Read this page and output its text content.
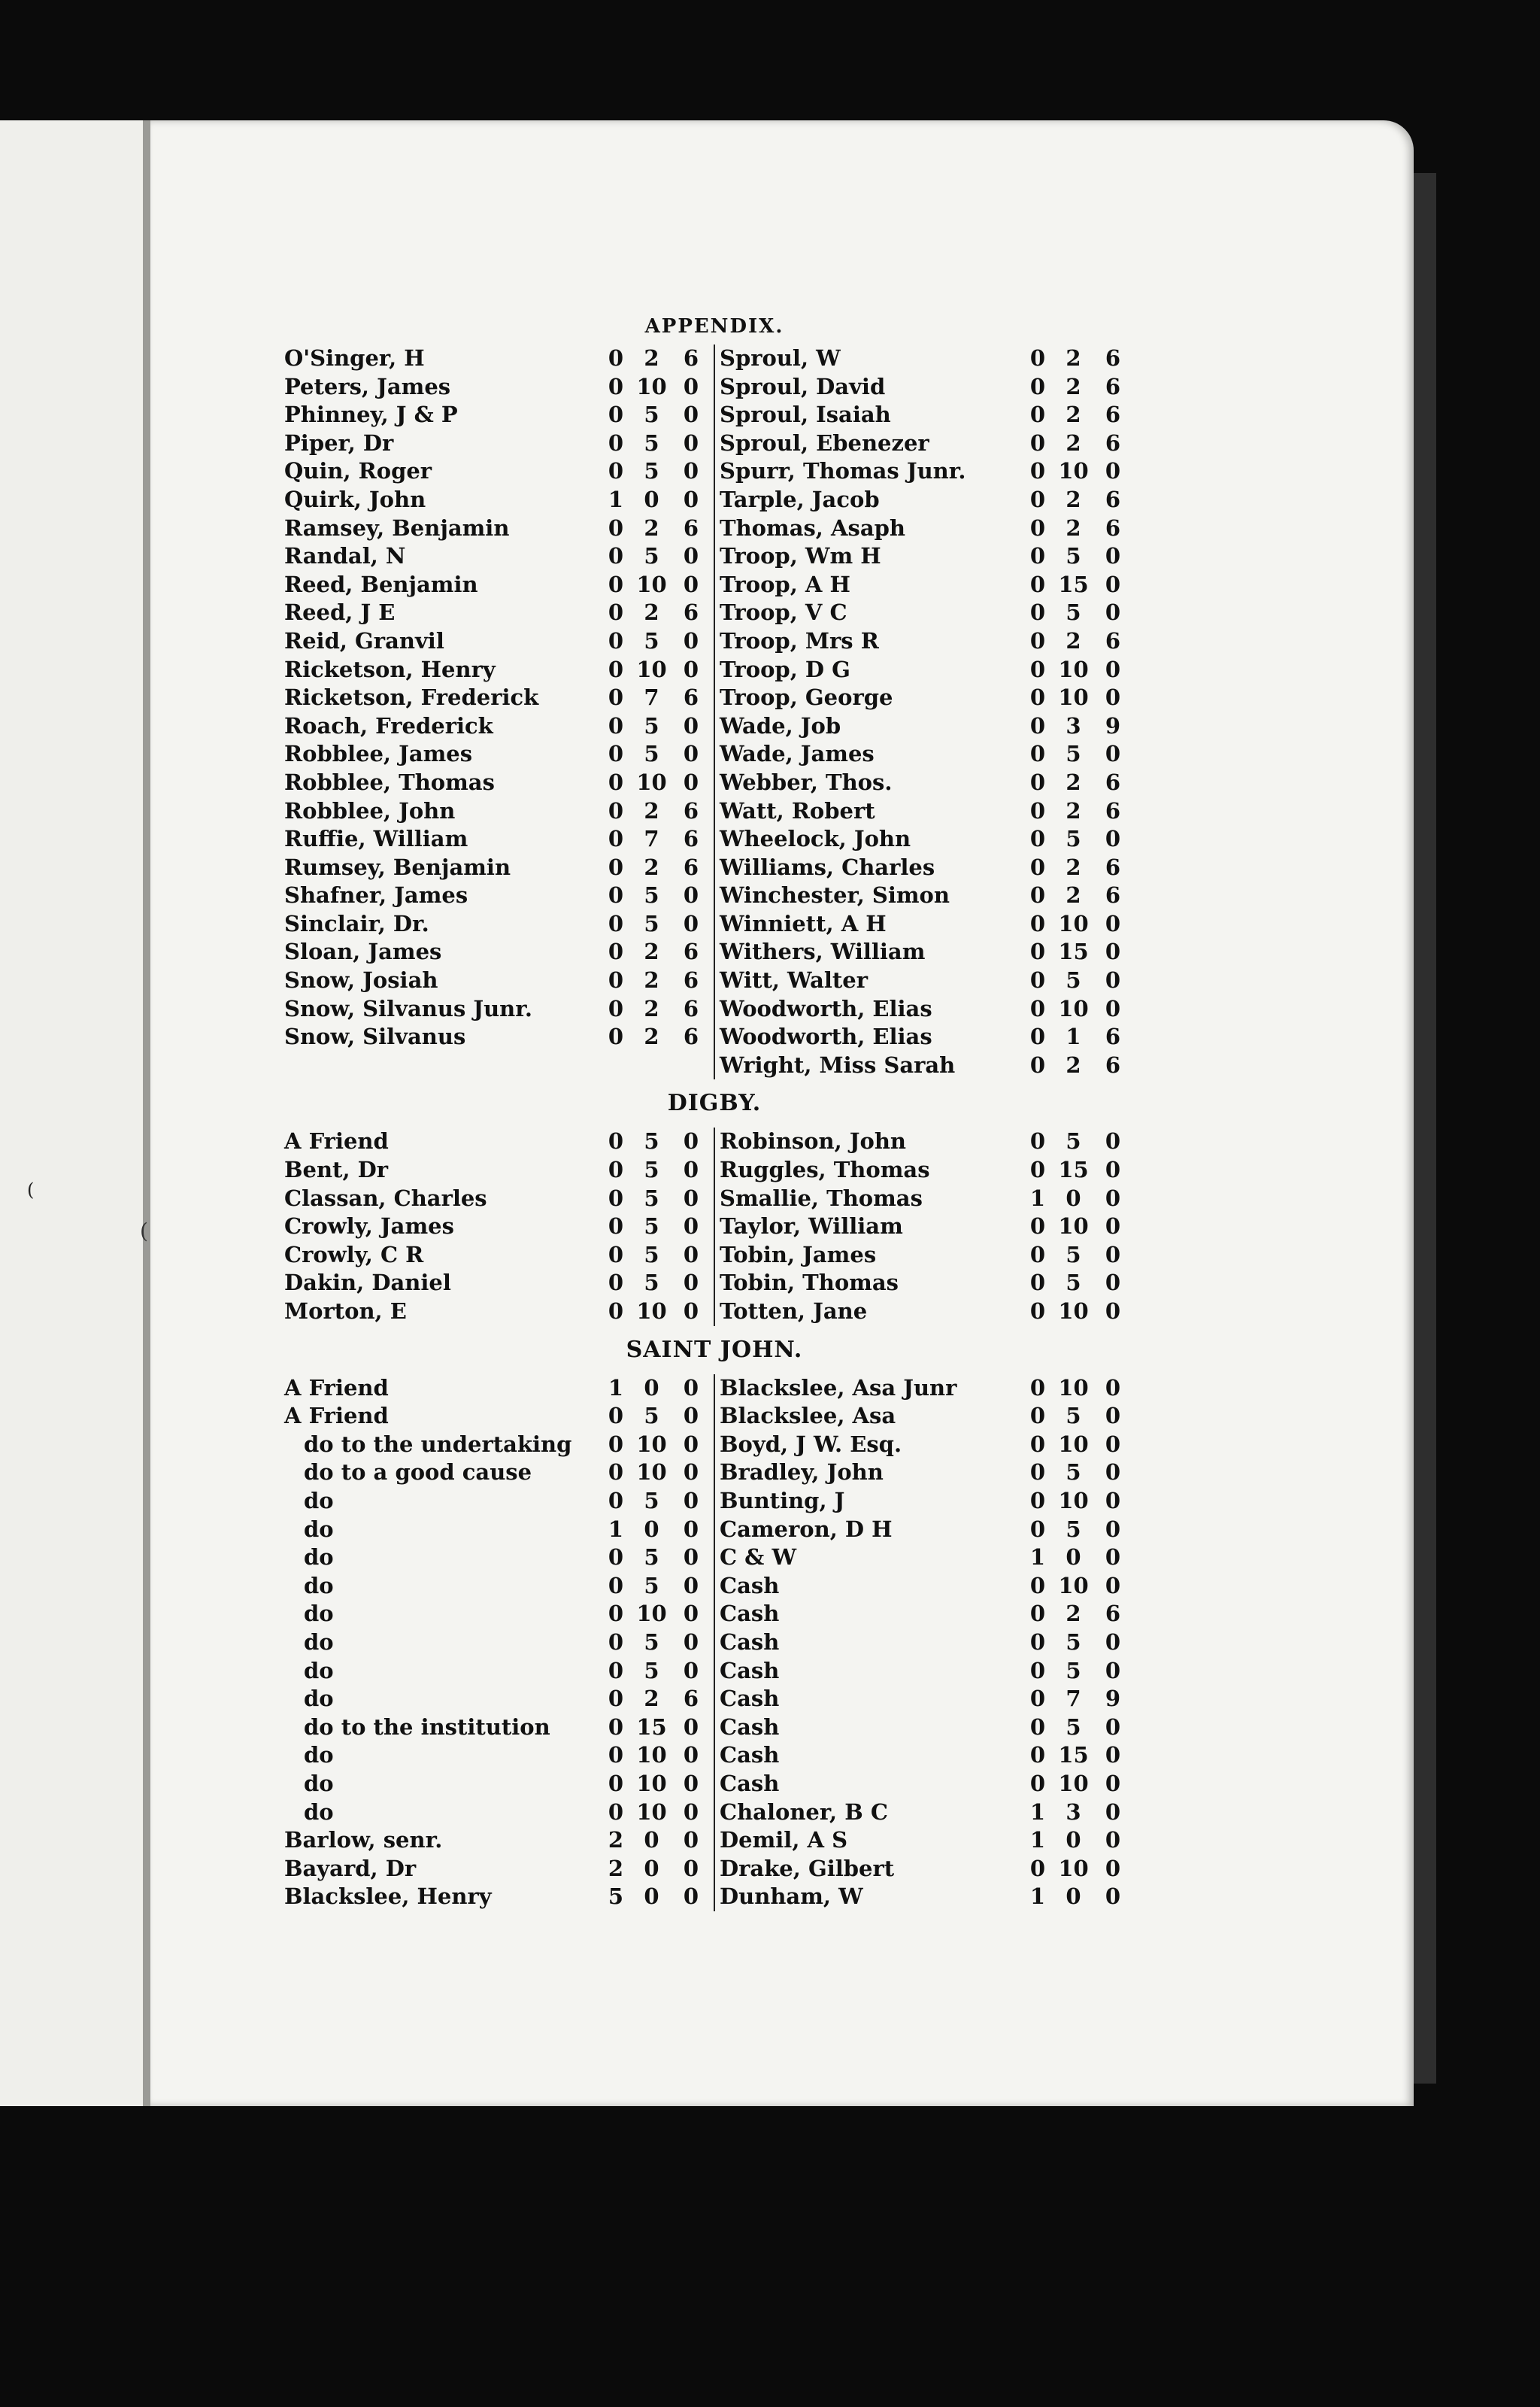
(
(
APPENDIX.
O'Singer, H	0 2	6
Peters, James	0 10 0
Phinney, J & P	0 5	0
Piper, Dr	0 5	0
Quin, Roger	0 5	0
Quirk, John	1 0	0
Ramsey, Benjamin	0 2	6
Randal, N	0 5	0
Reed, Benjamin	0 10 0
Reed, J E	0 2	6
Reid, Granvil	0 5	0
Ricketson, Henry	0 10 0
Ricketson, Frederick	0 7	6
Roach, Frederick	0 5	0
Robblee, James	0 5	0
Robblee, Thomas	0 10 0
Robblee, John	0 2	6
Ruffie, William	0 7	6
Rumsey, Benjamin	0 2	6
Shafner, James	0 5	0
Sinclair, Dr.	0 5	0
Sloan, James	0 2	6
Snow, Josiah	0 2	6
Snow, Silvanus Junr.	0 2	6
Snow, Silvanus	0 2	6
Sproul, W	0 2	6
Sproul, David	0 2	6
Sproul, Isaiah	0 2	6
Sproul, Ebenezer	0 2	6
Spurr, Thomas Junr.	0 10 0
Tarple, Jacob	0 2	6
Thomas, Asaph	0 2	6
Troop, Wm H	0 5	0
Troop, A H	0 15 0
Troop, V C	0 5	0
Troop, Mrs R	0 2	6
Troop, D G	0 10 0
Troop, George	0 10 0
Wade, Job	0 3	9
Wade, James	0 5	0
Webber, Thos.	0 2	6
Watt, Robert	0 2	6
Wheelock, John	0 5	0
Williams, Charles	0 2	6
Winchester, Simon	0 2	6
Winniett, A H	0 10 0
Withers, William	0 15 0
Witt, Walter	0 5	0
Woodworth, Elias	0 10 0
Woodworth, Elias	0 1	6
Wright, Miss Sarah	0 2	6
DIGBY.
A Friend	0 5	0
Bent, Dr	0 5	0
Classan, Charles	0 5	0
Crowly, James	0 5	0
Crowly, C R	0 5	0
Dakin, Daniel	0 5	0
Morton, E	0 10 0
Robinson, John	0 5	0
Ruggles, Thomas	0 15 0
Smallie, Thomas	1 0	0
Taylor, William	0 10 0
Tobin, James	0 5	0
Tobin, Thomas	0 5	0
Totten, Jane	0 10 0
SAINT JOHN.
A Friend	1 0	0
A Friend	0 5	0
do to the undertaking	0 10 0
do to a good cause	0 10 0
do	0 5	0
do	1 0	0
do	0 5	0
do	0 5	0
do	0 10 0
do	0 5	0
do	0 5	0
do	0 2	6
do to the institution	0 15 0
do	0 10 0
do	0 10 0
do	0 10 0
Barlow, senr.	2 0	0
Bayard, Dr	2 0	0
Blackslee, Henry	5 0	0
Blackslee, Asa Junr	0 10 0
Blackslee, Asa	0 5	0
Boyd, J W. Esq.	0 10 0
Bradley, John	0 5	0
Bunting, J	0 10 0
Cameron, D H	0 5	0
C & W	1 0	0
Cash	0 10 0
Cash	0 2	6
Cash	0 5	0
Cash	0 5	0
Cash	0 7	9
Cash	0 5	0
Cash	0 15 0
Cash	0 10 0
Chaloner, B C	1 3	0
Demil, A S	1 0	0
Drake, Gilbert	0 10 0
Dunham, W	1 0	0
